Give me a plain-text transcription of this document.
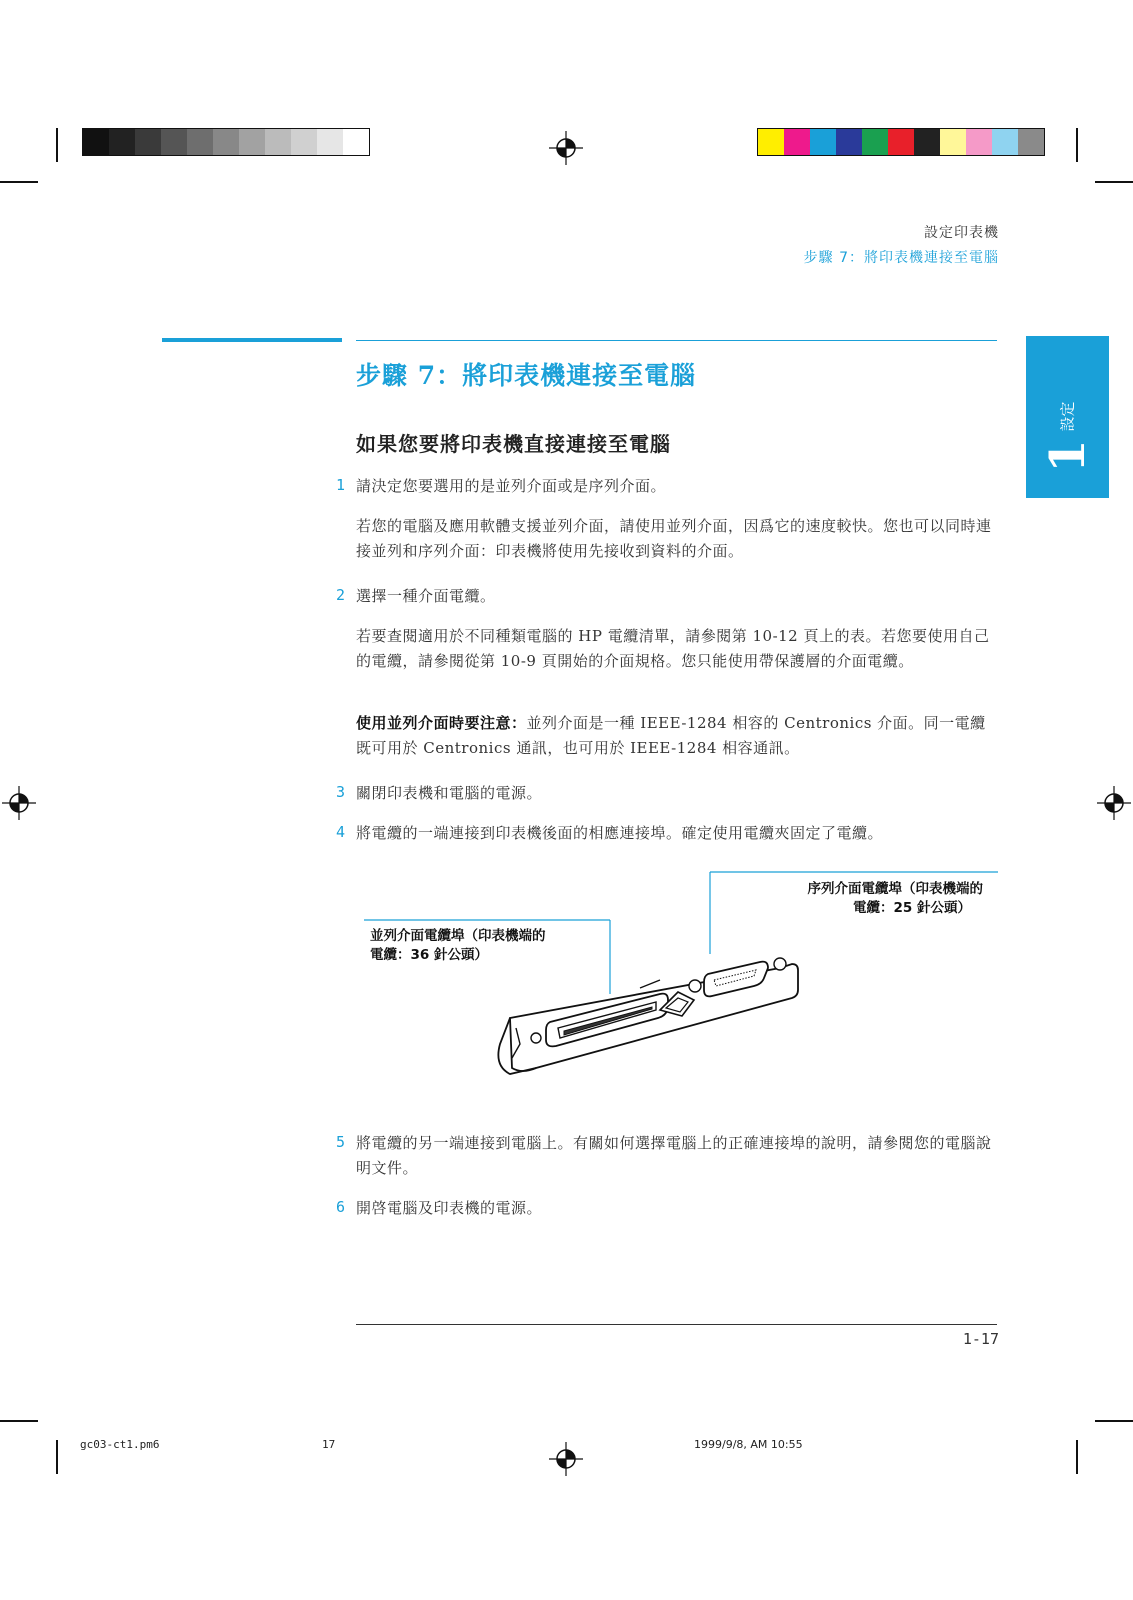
設定印表機
步驟 7：將印表機連接至電腦
1
設定
步驟 7：將印表機連接至電腦
如果您要將印表機直接連接至電腦
1 請決定您要選用的是並列介面或是序列介面。
若您的電腦及應用軟體支援並列介面，請使用並列介面，因爲它的速度較快。您也可以同時連接並列和序列介面：印表機將使用先接收到資料的介面。
2 選擇一種介面電纜。
若要查閱適用於不同種類電腦的 HP 電纜清單，請參閱第 10-12 頁上的表。若您要使用自己的電纜，請參閱從第 10-9 頁開始的介面規格。您只能使用帶保護層的介面電纜。
使用並列介面時要注意：並列介面是一種 IEEE-1284 相容的 Centronics 介面。同一電纜既可用於 Centronics 通訊，也可用於 IEEE-1284 相容通訊。
3 關閉印表機和電腦的電源。
4 將電纜的一端連接到印表機後面的相應連接埠。確定使用電纜夾固定了電纜。
序列介面電纜埠（印表機端的
電纜：25 針公頭）
並列介面電纜埠（印表機端的
電纜：36 針公頭）
5 將電纜的另一端連接到電腦上。有關如何選擇電腦上的正確連接埠的說明，請參閱您的電腦說明文件。
6 開啓電腦及印表機的電源。
1-17
gc03-ct1.pm6	17	1999/9/8, AM 10:55
